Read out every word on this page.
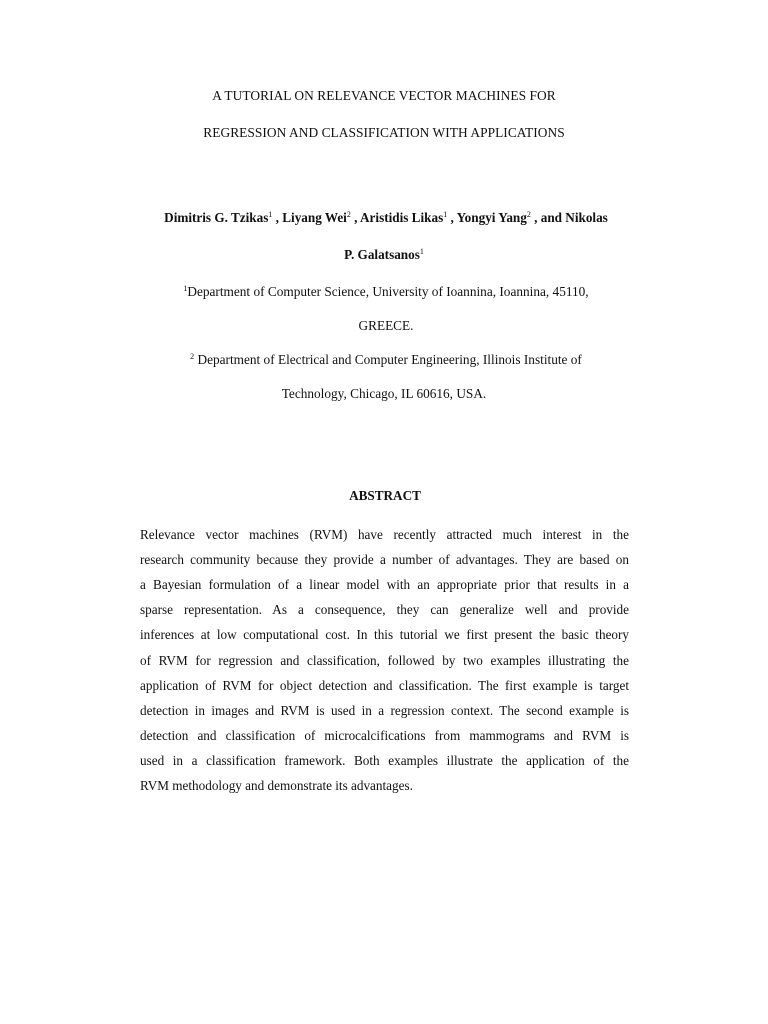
A TUTORIAL ON RELEVANCE VECTOR MACHINES FOR
REGRESSION AND CLASSIFICATION WITH APPLICATIONS
Dimitris G. Tzikas$^1$ , Liyang Wei$^2$ , Aristidis Likas$^1$ , Yongyi Yang$^2$ , and Nikolas
P. Galatsanos$^1$
$^1$Department of Computer Science, University of Ioannina, Ioannina, 45110,
GREECE.
$^2$ Department of Electrical and Computer Engineering, Illinois Institute of
Technology, Chicago, IL 60616, USA.
ABSTRACT
Relevance vector machines (RVM) have recently attracted much interest in the
research community because they provide a number of advantages. They are based on
a Bayesian formulation of a linear model with an appropriate prior that results in a
sparse representation. As a consequence, they can generalize well and provide
inferences at low computational cost. In this tutorial we first present the basic theory
of RVM for regression and classification, followed by two examples illustrating the
application of RVM for object detection and classification. The first example is target
detection in images and RVM is used in a regression context. The second example is
detection and classification of microcalcifications from mammograms and RVM is
used in a classification framework. Both examples illustrate the application of the
RVM methodology and demonstrate its advantages.
